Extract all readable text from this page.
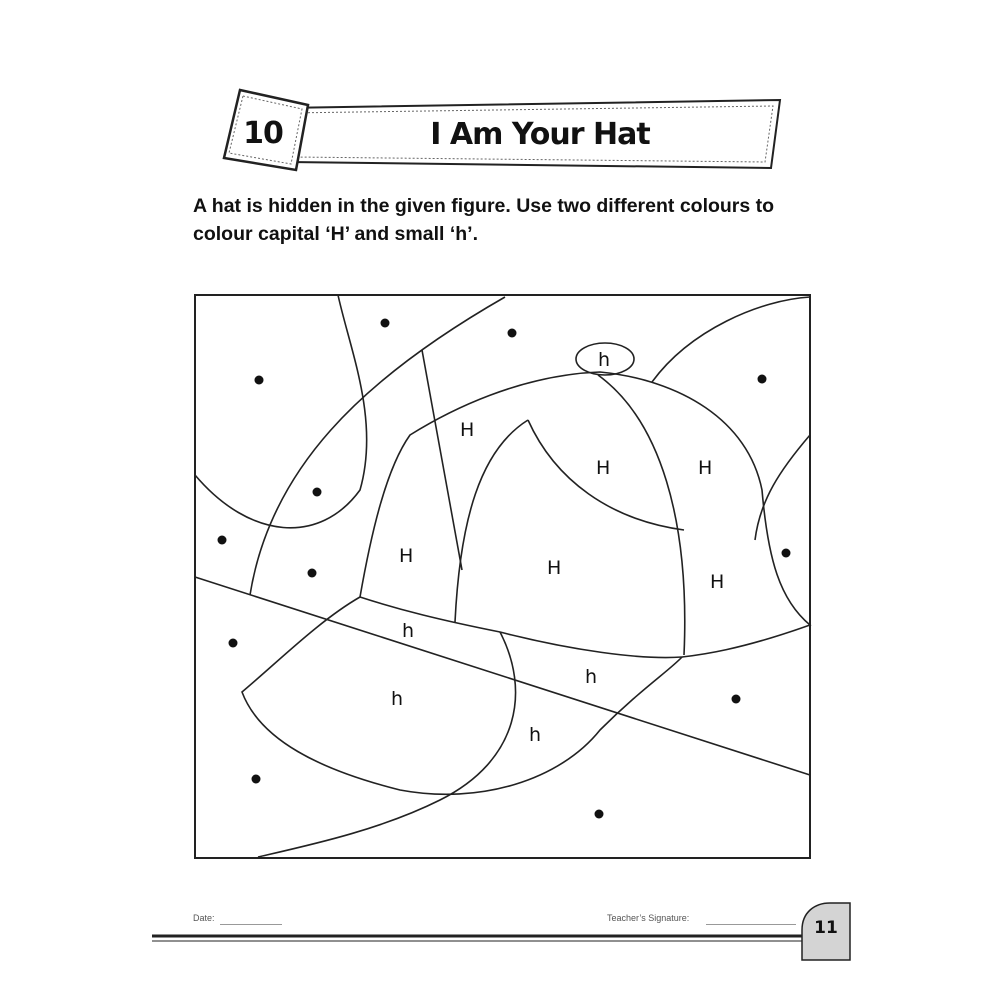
10	I Am Your Hat

A hat is hidden in the given figure. Use two different colours to colour capital ‘H’ and small ‘h’.

H
H	H
H
H
H
h
h
h
h
h
Date:	Teacher’s Signature:	11
